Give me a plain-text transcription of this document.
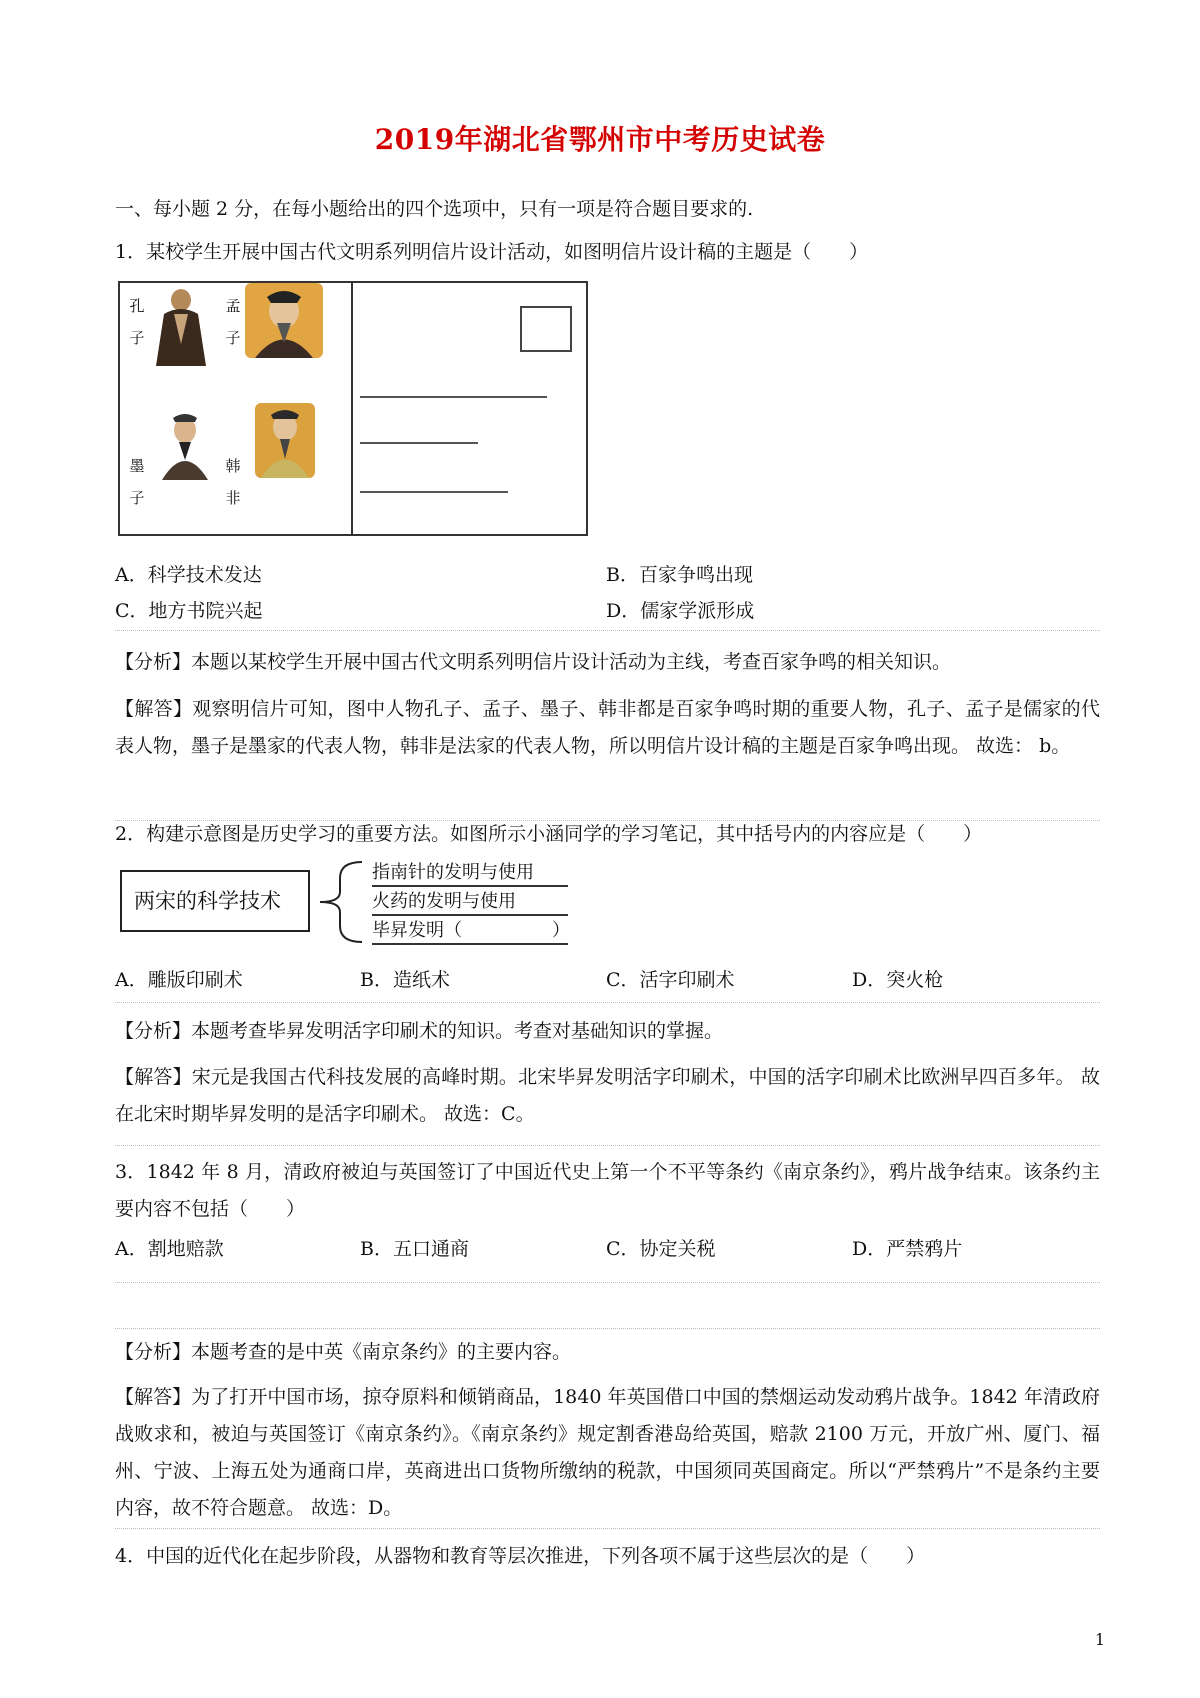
2019年湖北省鄂州市中考历史试卷
一、每小题 2 分，在每小题给出的四个选项中，只有一项是符合题目要求的.
1．某校学生开展中国古代文明系列明信片设计活动，如图明信片设计稿的主题是（　　）
孔子
孟子
墨子
韩非
A．科学技术发达	B．百家争鸣出现
C．地方书院兴起	D．儒家学派形成
【分析】本题以某校学生开展中国古代文明系列明信片设计活动为主线，考查百家争鸣的相关知识。
【解答】观察明信片可知，图中人物孔子、孟子、墨子、韩非都是百家争鸣时期的重要人物，孔子、孟子是儒家的代表人物，墨子是墨家的代表人物，韩非是法家的代表人物，所以明信片设计稿的主题是百家争鸣出现。 故选： b。
2．构建示意图是历史学习的重要方法。如图所示小涵同学的学习笔记，其中括号内的内容应是（　　）
两宋的科学技术
指南针的发明与使用
火药的发明与使用
毕昇发明（　　　　　）
A．雕版印刷术	B．造纸术	C．活字印刷术	D．突火枪
【分析】本题考查毕昇发明活字印刷术的知识。考查对基础知识的掌握。
【解答】宋元是我国古代科技发展的高峰时期。北宋毕昇发明活字印刷术，中国的活字印刷术比欧洲早四百多年。 故在北宋时期毕昇发明的是活字印刷术。 故选：C。
3．1842 年 8 月，清政府被迫与英国签订了中国近代史上第一个不平等条约《南京条约》，鸦片战争结束。该条约主要内容不包括（　　）
A．割地赔款	B．五口通商	C．协定关税	D．严禁鸦片
【分析】本题考查的是中英《南京条约》的主要内容。
【解答】为了打开中国市场，掠夺原料和倾销商品，1840 年英国借口中国的禁烟运动发动鸦片战争。1842 年清政府战败求和，被迫与英国签订《南京条约》。《南京条约》规定割香港岛给英国，赔款 2100 万元，开放广州、厦门、福州、宁波、上海五处为通商口岸，英商进出口货物所缴纳的税款，中国须同英国商定。所以“严禁鸦片”不是条约主要内容，故不符合题意。 故选：D。
4．中国的近代化在起步阶段，从器物和教育等层次推进，下列各项不属于这些层次的是（　　）
1
